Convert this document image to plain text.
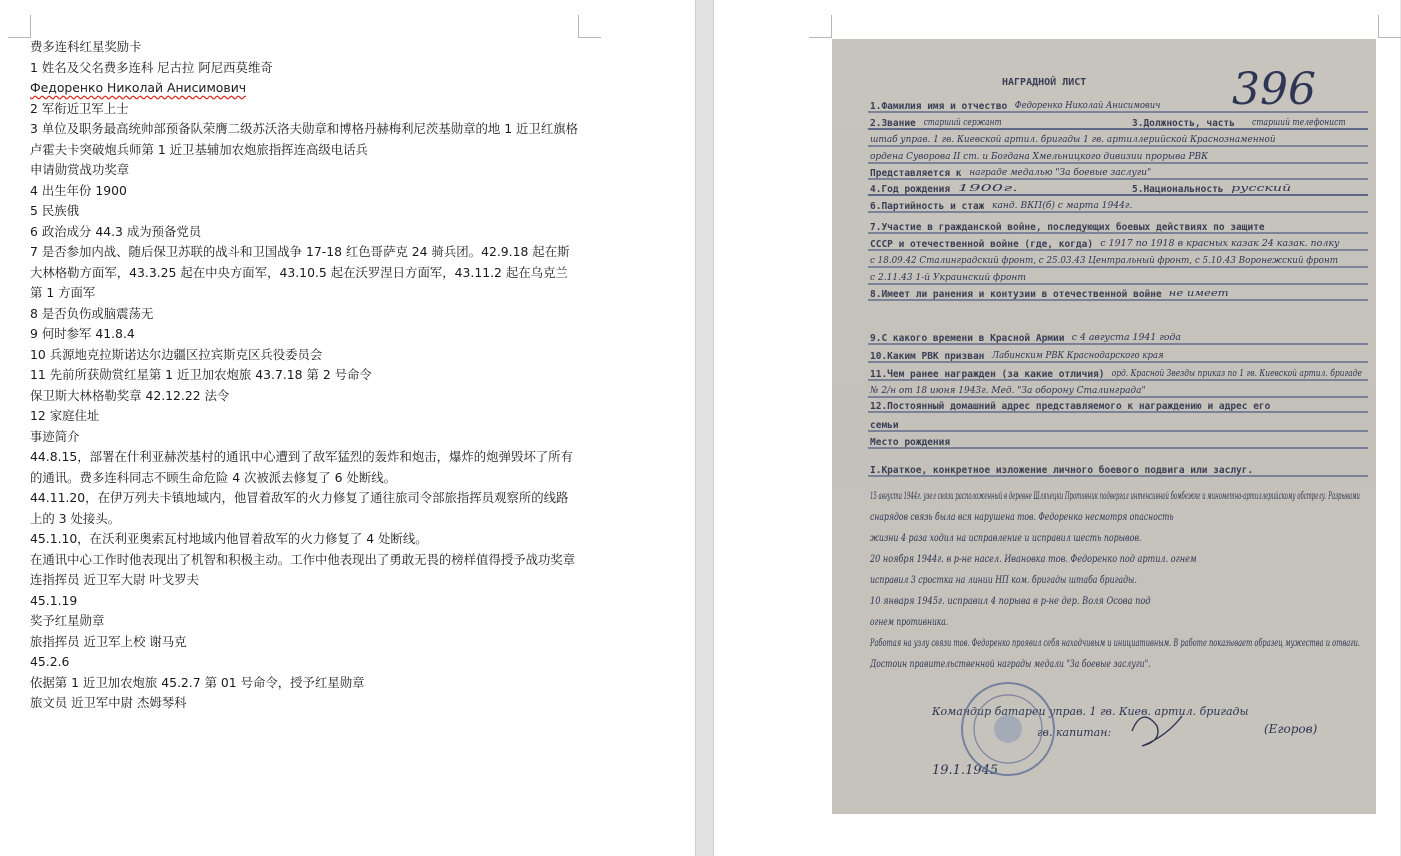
费多连科红星奖励卡
1 姓名及父名费多连科 尼古拉 阿尼西莫维奇
Федоренко Николай Анисимович
2 军衔近卫军上士
3 单位及职务最高统帅部预备队荣膺二级苏沃洛夫勋章和博格丹赫梅利尼茨基勋章的地 1 近卫红旗格卢霍夫卡突破炮兵师第 1 近卫基辅加农炮旅指挥连高级电话兵
申请勋赏战功奖章
4 出生年份 1900
5 民族俄
6 政治成分 44.3 成为预备党员
7 是否参加内战、随后保卫苏联的战斗和卫国战争 17-18 红色哥萨克 24 骑兵团。42.9.18 起在斯大林格勒方面军，43.3.25 起在中央方面军，43.10.5 起在沃罗涅日方面军，43.11.2 起在乌克兰第 1 方面军
8 是否负伤或脑震荡无
9 何时参军 41.8.4
10 兵源地克拉斯诺达尔边疆区拉宾斯克区兵役委员会
11 先前所获勋赏红星第 1 近卫加农炮旅 43.7.18 第 2 号命令
保卫斯大林格勒奖章 42.12.22 法令
12 家庭住址
事迹简介
44.8.15，部署在什利亚赫茨基村的通讯中心遭到了敌军猛烈的轰炸和炮击，爆炸的炮弹毁坏了所有的通讯。费多连科同志不顾生命危险 4 次被派去修复了 6 处断线。
44.11.20，在伊万列夫卡镇地域内，他冒着敌军的火力修复了通往旅司令部旅指挥员观察所的线路上的 3 处接头。
45.1.10，在沃利亚奥索瓦村地域内他冒着敌军的火力修复了 4 处断线。
在通讯中心工作时他表现出了机智和积极主动。工作中他表现出了勇敢无畏的榜样值得授予战功奖章
连指挥员 近卫军大尉 叶戈罗夫
45.1.19
奖予红星勋章
旅指挥员 近卫军上校 谢马克
45.2.6
依据第 1 近卫加农炮旅 45.2.7 第 01 号命令，授予红星勋章
旅文员 近卫军中尉 杰姆琴科
НАГРАДНОЙ ЛИСТ	396
1.Фамилия имя и отчество Федоренко Николай Анисимович
2.Звание старший сержант	3.Должность, часть старший телефонист
штаб управ. 1 гв. Киевской артил. бригады 1 гв. артиллерийской Краснознаменной
ордена Суворова II ст. и Богдана Хмельницкого дивизии прорыва РВК
Представляется к награде медалью "За боевые заслуги"
4.Год рождения 1900г.	5.Национальность русский
6.Партийность и стаж канд. ВКП(б) с марта 1944г.
7.Участие в гражданской войне, последующих боевых действиях по защите
СССР и отечественной войне (где, когда) с 1917 по 1918 в красных казак 24 казак. полку
с 18.09.42 Сталинградский фронт, с 25.03.43 Центральный фронт, с 5.10.43 Воронежский фронт
с 2.11.43 1-й Украинский фронт
8.Имеет ли ранения и контузии в отечественной войне не имеет
9.С какого времени в Красной Армии с 4 августа 1941 года
10.Каким РВК призван Лабинским РВК Краснодарского края
11.Чем ранее награжден (за какие отличия) орд. Красной Звезды приказ по 1 гв. Киевской артил. бригаде
№ 2/н от 18 июня 1943г. Мед. "За оборону Сталинграда"
12.Постоянный домашний адрес представляемого к награждению и адрес его
семьи
Место рождения
I.Краткое, конкретное изложение личного боевого подвига или заслуг.
15 августа 1944г. узел связи расположенный в деревне Шляхецки Противник подвергал интенсивной бомбежке и минометно-артиллерийскому обстрелу. Разрывами
снарядов связь была вся нарушена тов. Федоренко несмотря опасность
жизни 4 раза ходил на исправление и исправил шесть порывов.
20 ноября 1944г. в р-не насел. Ивановка тов. Федоренко под артил. огнем
исправил 3 сростка на линии НП ком. бригады штаба бригады.
10 января 1945г. исправил 4 порыва в р-не дер. Воля Осова под
огнем противника.
Работая на узлу связи тов. Федоренко проявил себя находчивым и инициативным. В работе показывает образец мужества и отваги.
Достоин правительственной награды медали "За боевые заслуги".
Командир батареи управ. 1 гв. Киев. артил. бригады
гв. капитан:	(Егоров)
19.1.1945
